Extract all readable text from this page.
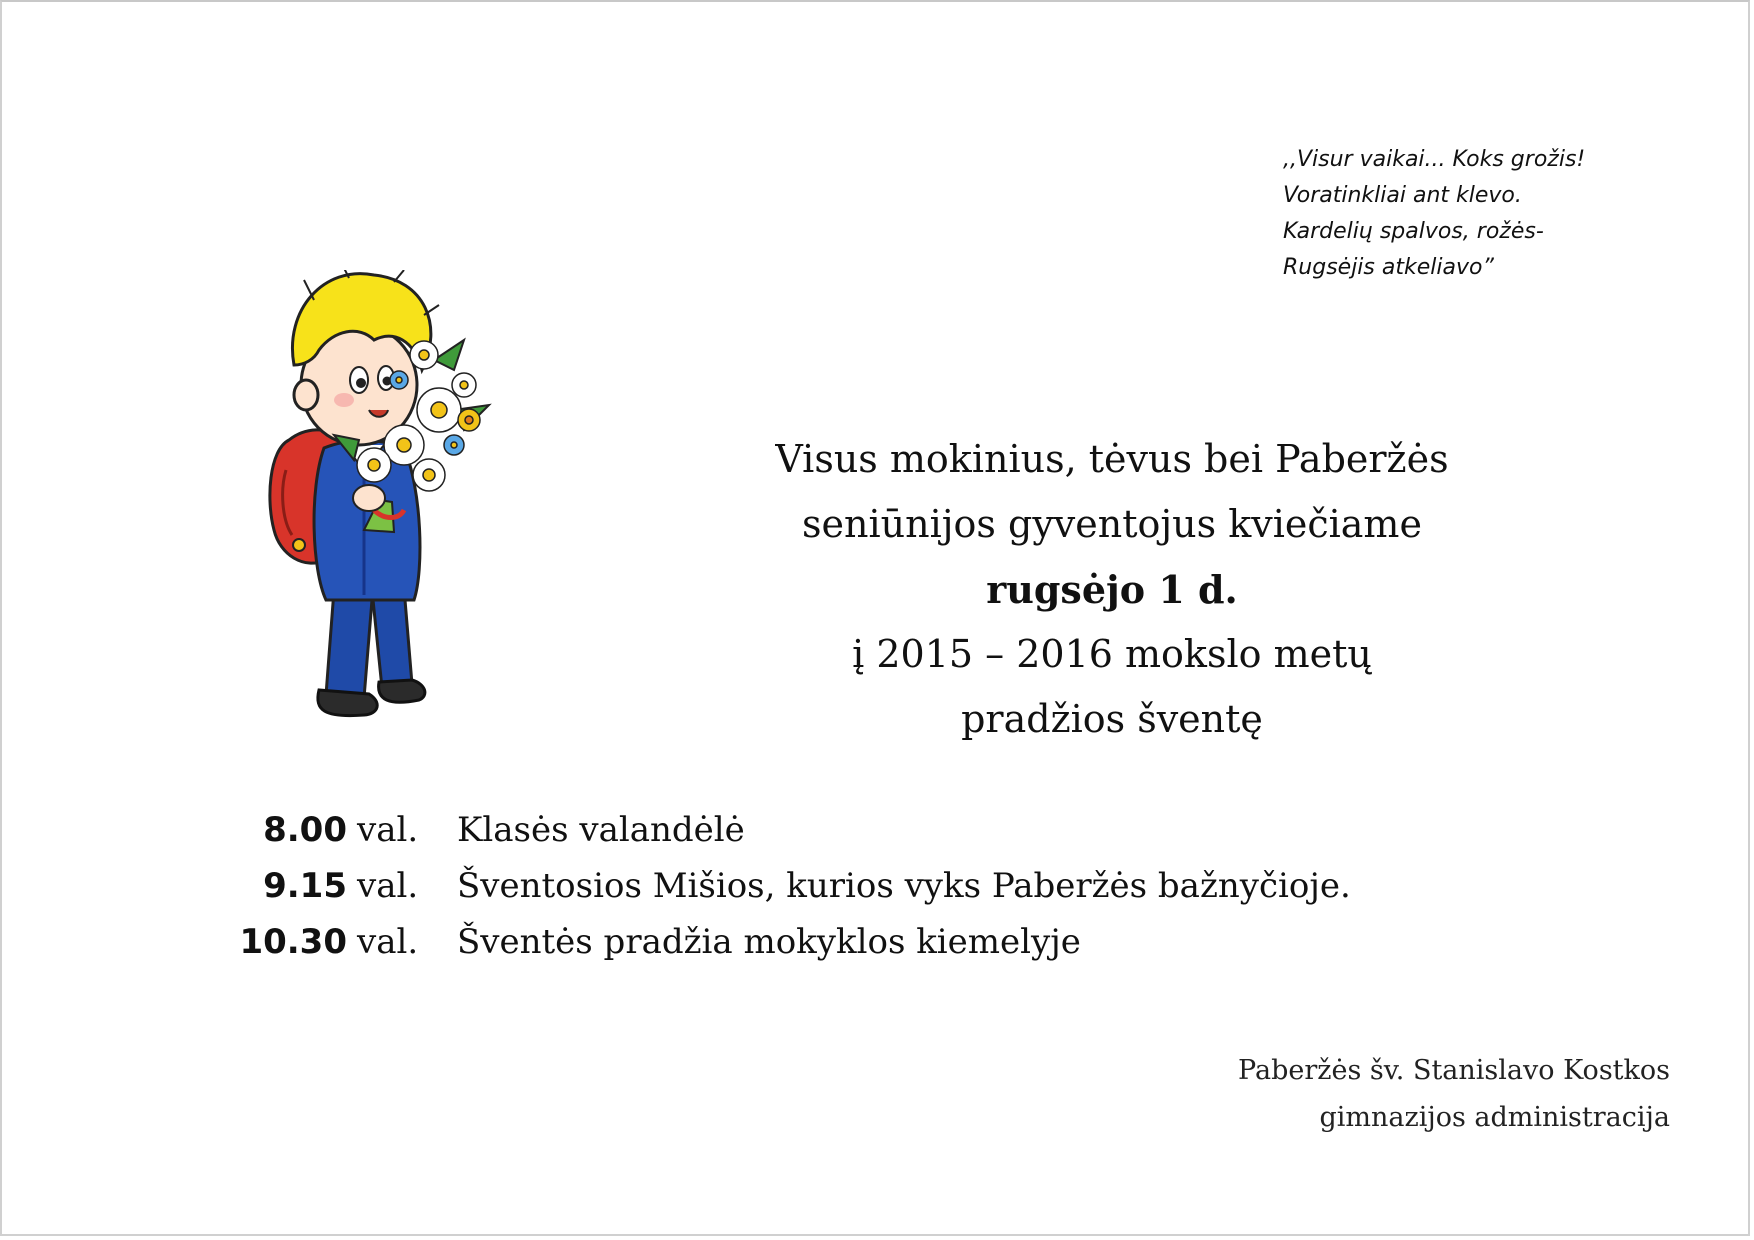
,,Visur vaikai... Koks grožis!
Voratinkliai ant klevo.
Kardelių spalvos, rožės-
Rugsėjis atkeliavo”
Visus mokinius, tėvus bei Paberžės
seniūnijos gyventojus kviečiame
rugsėjo 1 d.
į 2015 – 2016 mokslo metų
pradžios šventę
8.00 val. Klasės valandėlė
9.15 val. Šventosios Mišios, kurios vyks Paberžės bažnyčioje.
10.30 val. Šventės pradžia mokyklos kiemelyje
Paberžės šv. Stanislavo Kostkos
gimnazijos administracija
